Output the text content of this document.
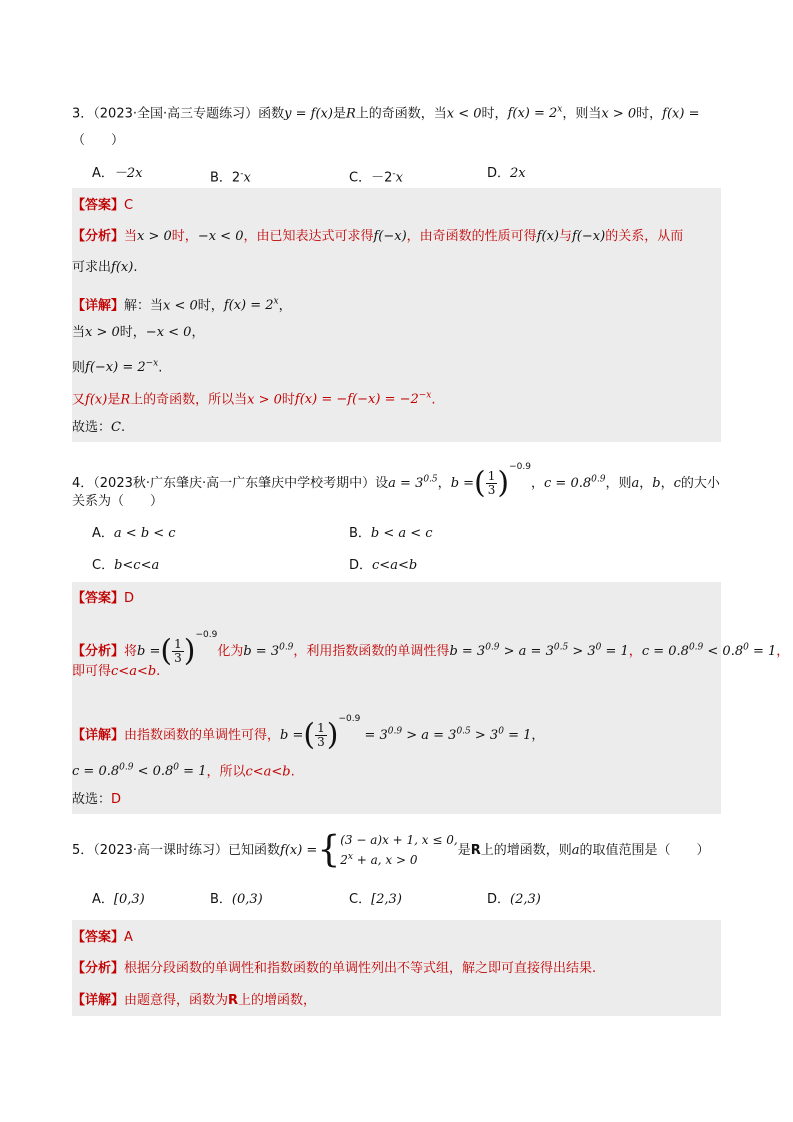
3．（2023·全国·高三专题练习）函数y = f(x)是R上的奇函数，当x < 0时，$f(x) = 2^x$，则当x > 0时，f(x) =
（　　）
A．－2x	B．2-x	C．－2-x	D．2x
【答案】C
【分析】当x > 0时，−x < 0，由已知表达式可求得f(−x)，由奇函数的性质可得f(x)与f(−x)的关系，从而
可求出f(x).
【详解】解：当x < 0时，$f(x) = 2^x$，
当x > 0时，−x < 0，
则$f(-x) = 2^{-x}$.
又f(x)是R上的奇函数，所以当x > 0时$f(x) = -f(-x) = -2^{-x}$.
故选：C.
4．（2023秋·广东肇庆·高一广东肇庆中学校考期中）设$a = 3^{0.5}$，b =( $\frac{1}{3} )^{-0.9}$，$c = 0.8^{0.9}$，则a，b，c的大小
关系为（　　）
A．a < b < c	B．b < a < c
C．b<c<a	D．c<a<b
【答案】D
【分析】将b =( $\frac{1}{3} )^{-0.9}$化为$b = 3^{0.9}$，利用指数函数的单调性得$b = 3^{0.9} > a = 3^{0.5} > 3^0 = 1$，$c = 0.8^{0.9} < 0.8^0 = 1$，
即可得c<a<b.
【详解】由指数函数的单调性可得，b =( $\frac{1}{3} )^{-0.9} = 3^{0.9} > a = 3^{0.5} > 3^0 = 1$，
$c = 0.8^{0.9} < 0.8^0 = 1$，所以c<a<b.
故选：D
5．（2023·高一课时练习）已知函数f(x) ={ (3 − a)x + 1, x ≤ 0,
$2^x + a$, x > 0
是R上的增函数，则a的取值范围是（　　）
A．[0,3)	B．(0,3)	C．[2,3)	D．(2,3)
【答案】A
【分析】根据分段函数的单调性和指数函数的单调性列出不等式组，解之即可直接得出结果.
【详解】由题意得，函数为R上的增函数，
